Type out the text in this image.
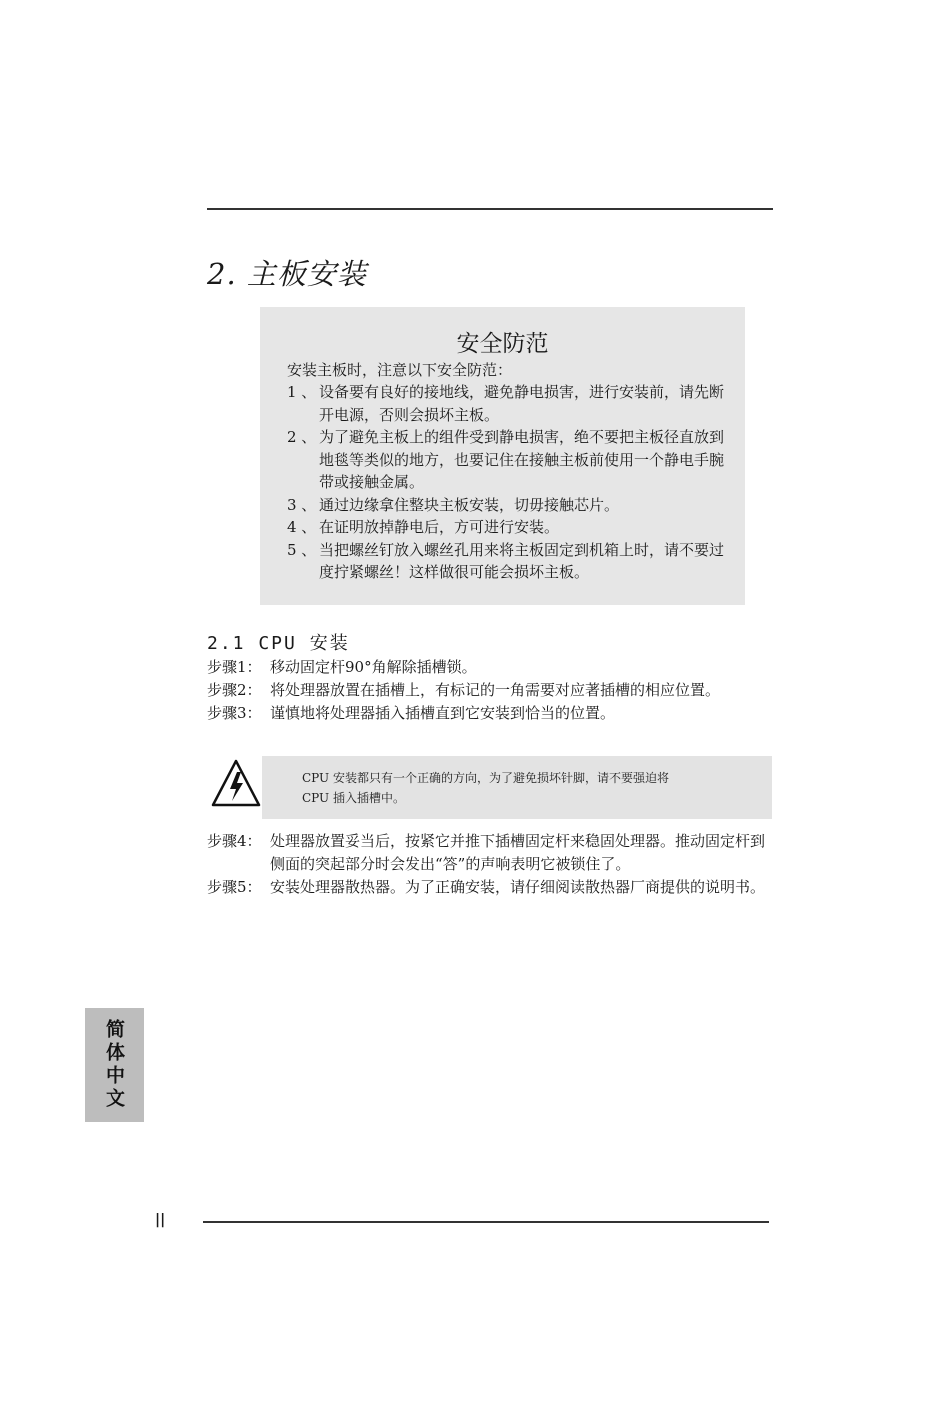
2. 主板安装
安全防范
安装主板时，注意以下安全防范：
1 、 设备要有良好的接地线，避免静电损害，进行安装前，请先断开电源，否则会损坏主板。
2 、 为了避免主板上的组件受到静电损害，绝不要把主板径直放到地毯等类似的地方，也要记住在接触主板前使用一个静电手腕带或接触金属。
3 、 通过边缘拿住整块主板安装，切毋接触芯片。
4 、 在证明放掉静电后，方可进行安装。
5 、 当把螺丝钉放入螺丝孔用来将主板固定到机箱上时，请不要过度拧紧螺丝！这样做很可能会损坏主板。
2.1 CPU 安装
步骤1： 移动固定杆90°角解除插槽锁。
步骤2： 将处理器放置在插槽上，有标记的一角需要对应著插槽的相应位置。
步骤3： 谨慎地将处理器插入插槽直到它安装到恰当的位置。
CPU 安装都只有一个正确的方向，为了避免损坏针脚，请不要强迫将
CPU 插入插槽中。
步骤4： 处理器放置妥当后，按紧它并推下插槽固定杆来稳固处理器。推动固定杆到侧面的突起部分时会发出“答”的声响表明它被锁住了。
步骤5： 安装处理器散热器。为了正确安装，请仔细阅读散热器厂商提供的说明书。
简体中文
||
